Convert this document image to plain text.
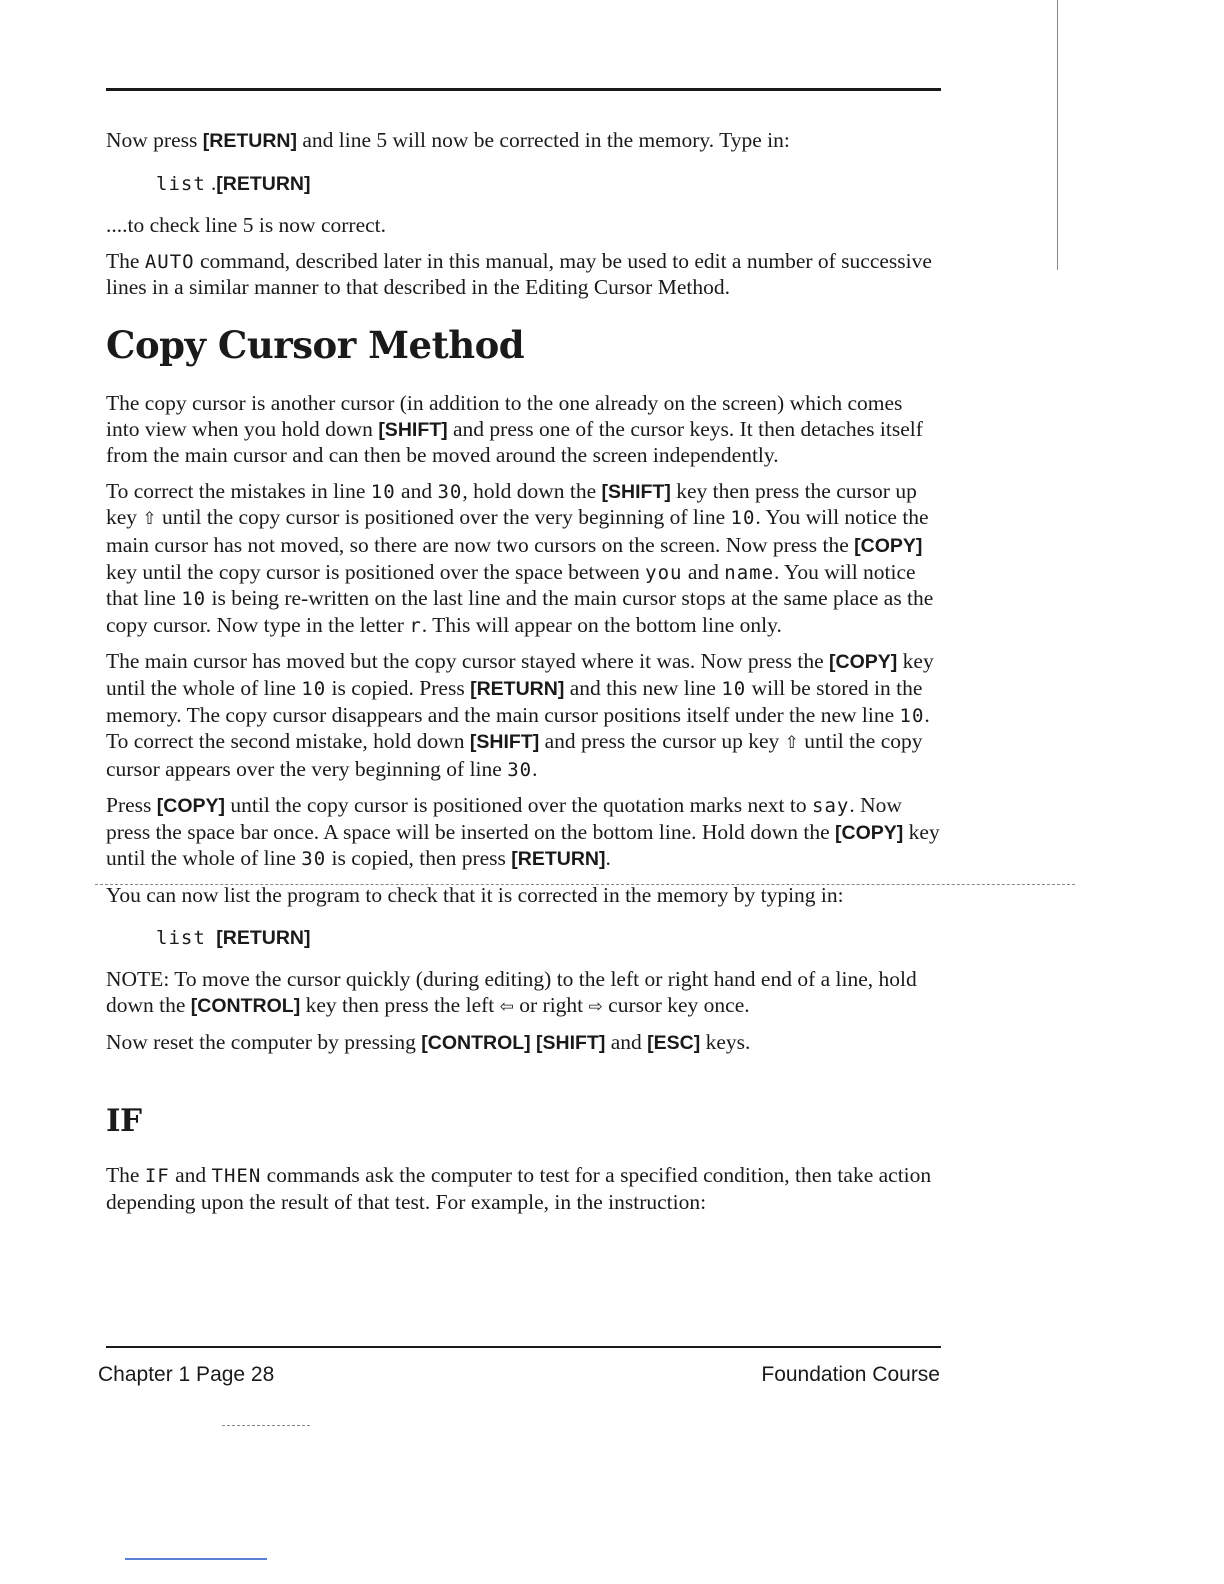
Now press [RETURN] and line 5 will now be corrected in the memory. Type in:

list .[RETURN]

....to check line 5 is now correct.

The AUTO command, described later in this manual, may be used to edit a number of successive lines in a similar manner to that described in the Editing Cursor Method.

Copy Cursor Method

The copy cursor is another cursor (in addition to the one already on the screen) which comes into view when you hold down [SHIFT] and press one of the cursor keys. It then detaches itself from the main cursor and can then be moved around the screen independently.

To correct the mistakes in line 10 and 30, hold down the [SHIFT] key then press the cursor up key ⇧ until the copy cursor is positioned over the very beginning of line 10. You will notice the main cursor has not moved, so there are now two cursors on the screen. Now press the [COPY] key until the copy cursor is positioned over the space between you and name. You will notice that line 10 is being re-written on the last line and the main cursor stops at the same place as the copy cursor. Now type in the letter r. This will appear on the bottom line only.

The main cursor has moved but the copy cursor stayed where it was. Now press the [COPY] key until the whole of line 10 is copied. Press [RETURN] and this new line 10 will be stored in the memory. The copy cursor disappears and the main cursor positions itself under the new line 10. To correct the second mistake, hold down [SHIFT] and press the cursor up key ⇧ until the copy cursor appears over the very beginning of line 30.

Press [COPY] until the copy cursor is positioned over the quotation marks next to say. Now press the space bar once. A space will be inserted on the bottom line. Hold down the [COPY] key until the whole of line 30 is copied, then press [RETURN].

You can now list the program to check that it is corrected in the memory by typing in:

list [RETURN]

NOTE: To move the cursor quickly (during editing) to the left or right hand end of a line, hold down the [CONTROL] key then press the left ⇦ or right ⇨ cursor key once.

Now reset the computer by pressing [CONTROL] [SHIFT] and [ESC] keys.

IF

The IF and THEN commands ask the computer to test for a specified condition, then take action depending upon the result of that test. For example, in the instruction:

Chapter 1 Page 28	Foundation Course
